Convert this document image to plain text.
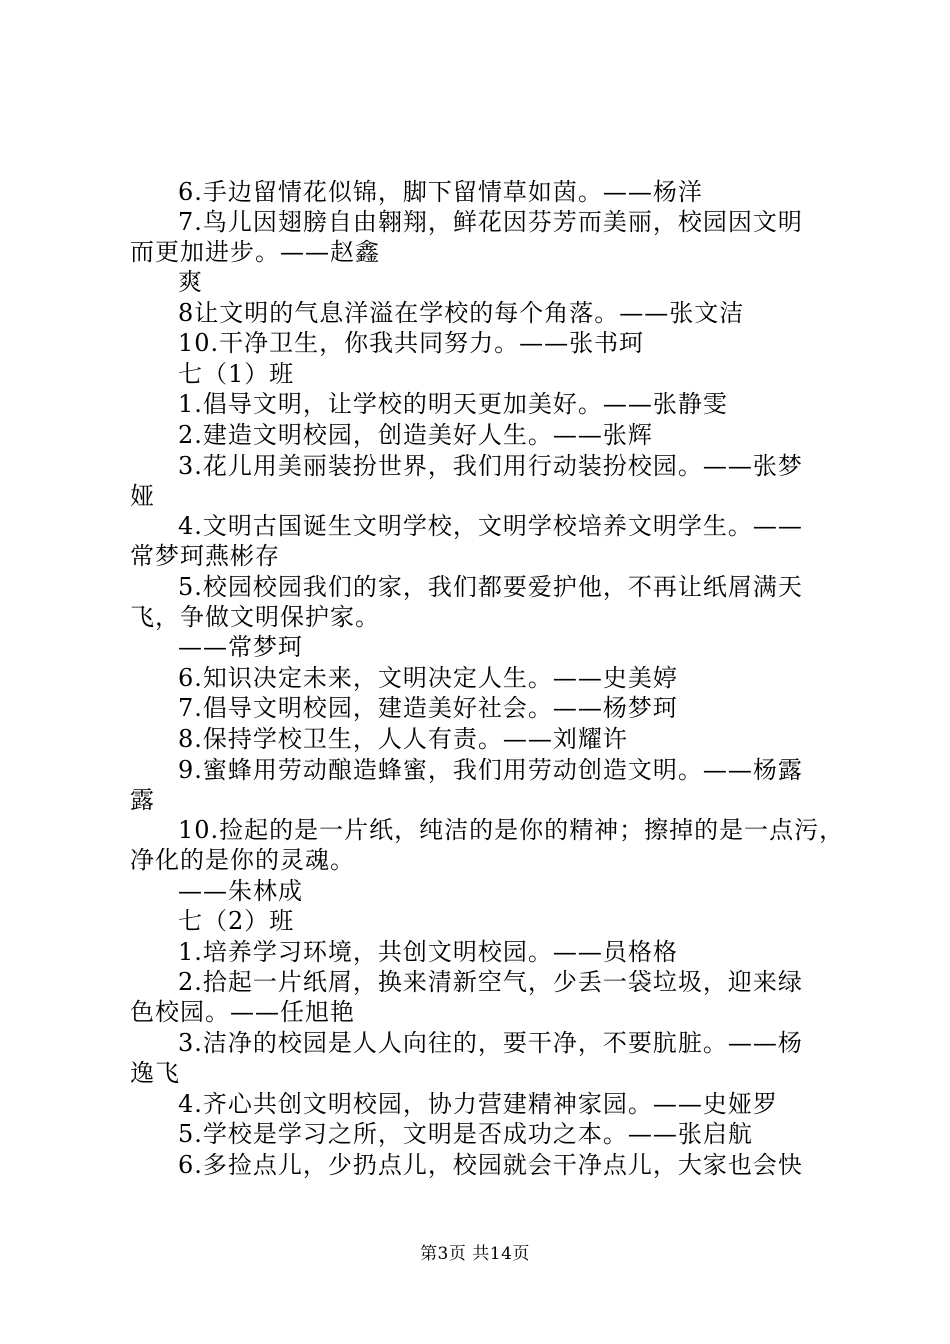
6.手边留情花似锦，脚下留情草如茵。——杨洋
7.鸟儿因翅膀自由翱翔，鲜花因芬芳而美丽，校园因文明
而更加进步。——赵鑫
爽
8让文明的气息洋溢在学校的每个角落。——张文洁
10.干净卫生，你我共同努力。——张书珂
七（1）班
1.倡导文明，让学校的明天更加美好。——张静雯
2.建造文明校园，创造美好人生。——张辉
3.花儿用美丽装扮世界，我们用行动装扮校园。——张梦
娅
4.文明古国诞生文明学校，文明学校培养文明学生。——
常梦珂燕彬存
5.校园校园我们的家，我们都要爱护他，不再让纸屑满天
飞，争做文明保护家。
——常梦珂
6.知识决定未来，文明决定人生。——史美婷
7.倡导文明校园，建造美好社会。——杨梦珂
8.保持学校卫生，人人有责。——刘耀许
9.蜜蜂用劳动酿造蜂蜜，我们用劳动创造文明。——杨露
露
10.捡起的是一片纸，纯洁的是你的精神；擦掉的是一点污，
净化的是你的灵魂。
——朱林成
七（2）班
1.培养学习环境，共创文明校园。——员格格
2.拾起一片纸屑，换来清新空气，少丢一袋垃圾，迎来绿
色校园。——任旭艳
3.洁净的校园是人人向往的，要干净，不要肮脏。——杨
逸飞
4.齐心共创文明校园，协力营建精神家园。——史娅罗
5.学校是学习之所，文明是否成功之本。——张启航
6.多捡点儿，少扔点儿，校园就会干净点儿，大家也会快
第3页 共14页
